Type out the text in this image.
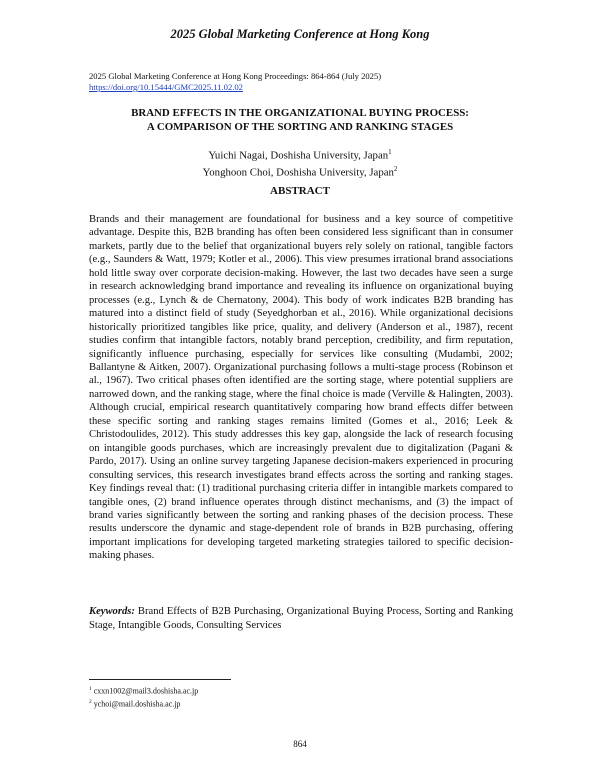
2025 Global Marketing Conference at Hong Kong
2025 Global Marketing Conference at Hong Kong Proceedings: 864-864 (July 2025)
https://doi.org/10.15444/GMC2025.11.02.02
BRAND EFFECTS IN THE ORGANIZATIONAL BUYING PROCESS:
A COMPARISON OF THE SORTING AND RANKING STAGES
Yuichi Nagai, Doshisha University, Japan$^1$
Yonghoon Choi, Doshisha University, Japan$^2$
ABSTRACT
Brands and their management are foundational for business and a key source of competitive advantage. Despite this, B2B branding has often been considered less significant than in consumer markets, partly due to the belief that organizational buyers rely solely on rational, tangible factors (e.g., Saunders & Watt, 1979; Kotler et al., 2006). This view presumes irrational brand associations hold little sway over corporate decision-making. However, the last two decades have seen a surge in research acknowledging brand importance and revealing its influence on organizational buying processes (e.g., Lynch & de Chernatony, 2004). This body of work indicates B2B branding has matured into a distinct field of study (Seyedghorban et al., 2016). While organizational decisions historically prioritized tangibles like price, quality, and delivery (Anderson et al., 1987), recent studies confirm that intangible factors, notably brand perception, credibility, and firm reputation, significantly influence purchasing, especially for services like consulting (Mudambi, 2002; Ballantyne & Aitken, 2007). Organizational purchasing follows a multi-stage process (Robinson et al., 1967). Two critical phases often identified are the sorting stage, where potential suppliers are narrowed down, and the ranking stage, where the final choice is made (Verville & Halingten, 2003). Although crucial, empirical research quantitatively comparing how brand effects differ between these specific sorting and ranking stages remains limited (Gomes et al., 2016; Leek & Christodoulides, 2012). This study addresses this key gap, alongside the lack of research focusing on intangible goods purchases, which are increasingly prevalent due to digitalization (Pagani & Pardo, 2017). Using an online survey targeting Japanese decision-makers experienced in procuring consulting services, this research investigates brand effects across the sorting and ranking stages. Key findings reveal that: (1) traditional purchasing criteria differ in intangible markets compared to tangible ones, (2) brand influence operates through distinct mechanisms, and (3) the impact of brand varies significantly between the sorting and ranking phases of the decision process. These results underscore the dynamic and stage-dependent role of brands in B2B purchasing, offering important implications for developing targeted marketing strategies tailored to specific decision-making phases.
Keywords: Brand Effects of B2B Purchasing, Organizational Buying Process, Sorting and Ranking Stage, Intangible Goods, Consulting Services
$^1$ cxxn1002@mail3.doshisha.ac.jp
$^2$ ychoi@mail.doshisha.ac.jp
864
